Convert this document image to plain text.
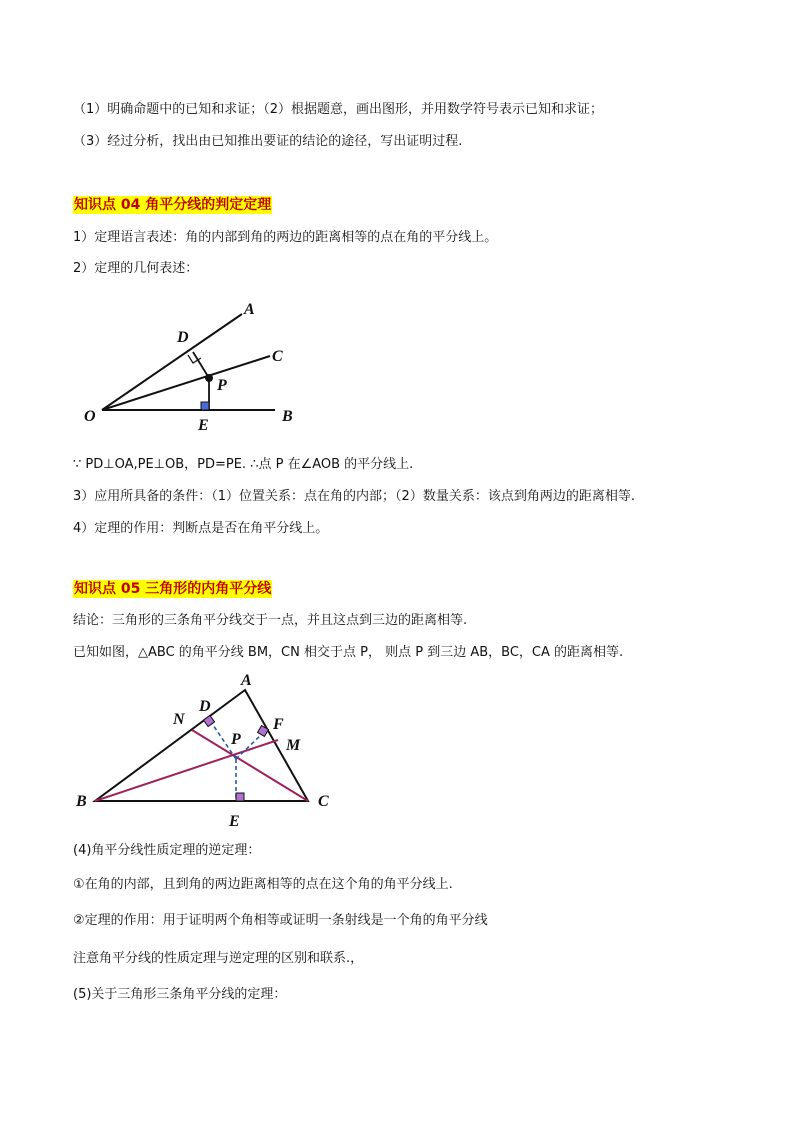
（1）明确命题中的已知和求证；（2）根据题意，画出图形，并用数学符号表示已知和求证；
（3）经过分析，找出由已知推出要证的结论的途径，写出证明过程.
知识点 04 角平分线的判定定理
1）定理语言表述：角的内部到角的两边的距离相等的点在角的平分线上。
2）定理的几何表述：
A
C
D
P
O
E
B
∵ PD⊥OA,PE⊥OB，PD=PE. ∴点 P 在∠AOB 的平分线上.
3）应用所具备的条件：（1）位置关系：点在角的内部；（2）数量关系：该点到角两边的距离相等.
4）定理的作用：判断点是否在角平分线上。
知识点 05 三角形的内角平分线
结论：三角形的三条角平分线交于一点，并且这点到三边的距离相等.
已知如图，△ABC 的角平分线 BM，CN 相交于点 P， 则点 P 到三边 AB，BC，CA 的距离相等.
A
D
N	F
P	M
B	C
E
(4)角平分线性质定理的逆定理：
①在角的内部，且到角的两边距离相等的点在这个角的角平分线上.
②定理的作用：用于证明两个角相等或证明一条射线是一个角的角平分线
注意角平分线的性质定理与逆定理的区别和联系.，
(5)关于三角形三条角平分线的定理：
